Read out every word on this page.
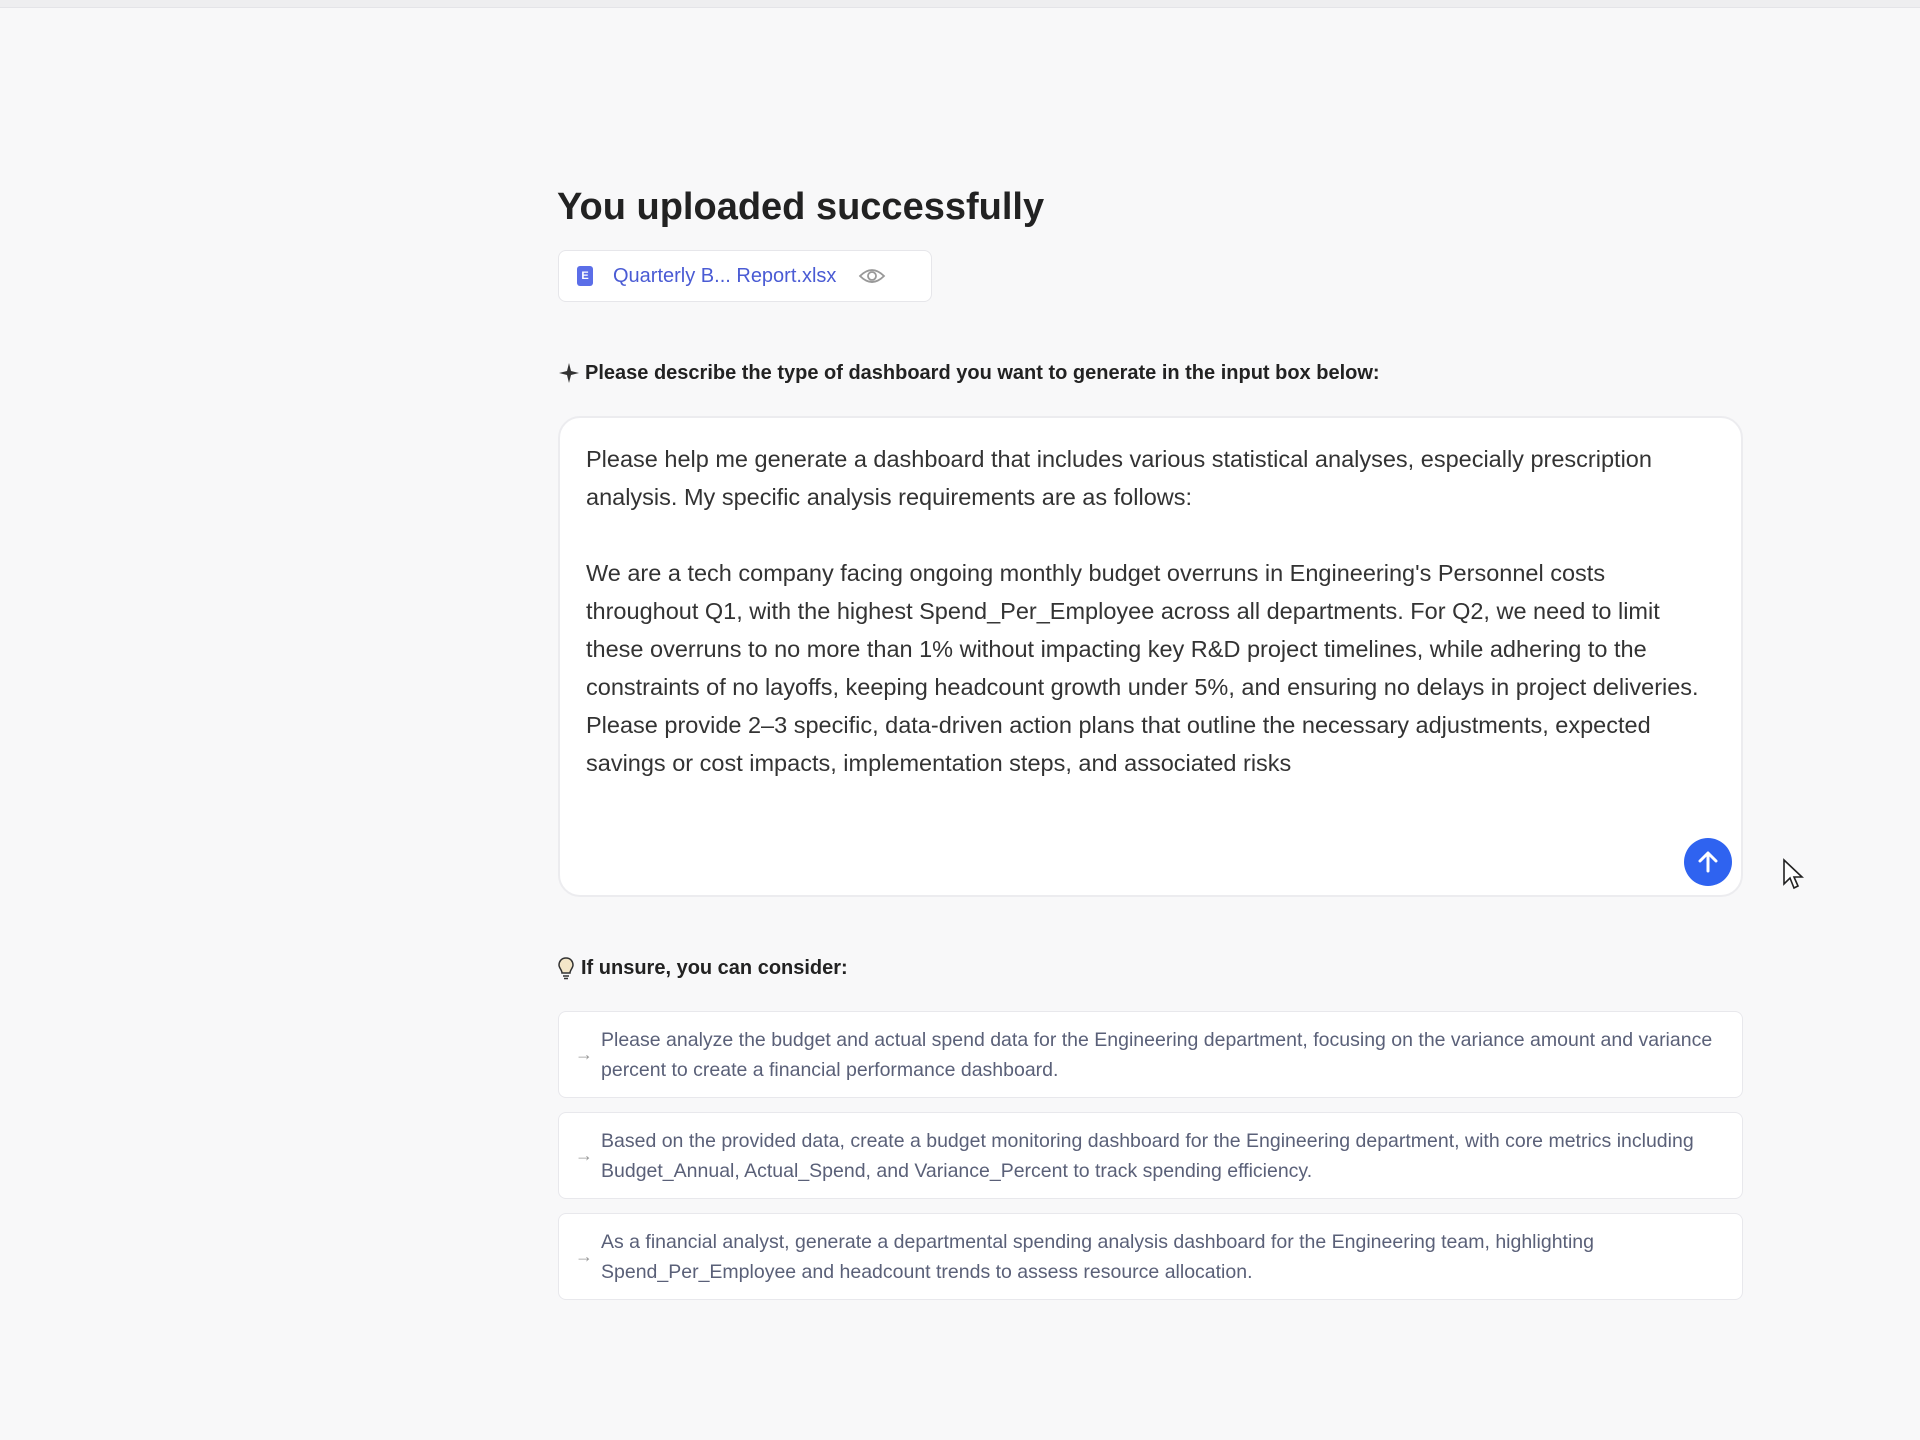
You uploaded successfully
E Quarterly B... Report.xlsx
Please describe the type of dashboard you want to generate in the input box below:
Please help me generate a dashboard that includes various statistical analyses, especially prescription analysis. My specific analysis requirements are as follows:

We are a tech company facing ongoing monthly budget overruns in Engineering's Personnel costs throughout Q1, with the highest Spend_Per_Employee across all departments. For Q2, we need to limit these overruns to no more than 1% without impacting key R&D project timelines, while adhering to the constraints of no layoffs, keeping headcount growth under 5%, and ensuring no delays in project deliveries. Please provide 2–3 specific, data-driven action plans that outline the necessary adjustments, expected savings or cost impacts, implementation steps, and associated risks
If unsure, you can consider:
→
Please analyze the budget and actual spend data for the Engineering department, focusing on the variance amount and variance percent to create a financial performance dashboard.
→
Based on the provided data, create a budget monitoring dashboard for the Engineering department, with core metrics including Budget_Annual, Actual_Spend, and Variance_Percent to track spending efficiency.
→
As a financial analyst, generate a departmental spending analysis dashboard for the Engineering team, highlighting Spend_Per_Employee and headcount trends to assess resource allocation.
